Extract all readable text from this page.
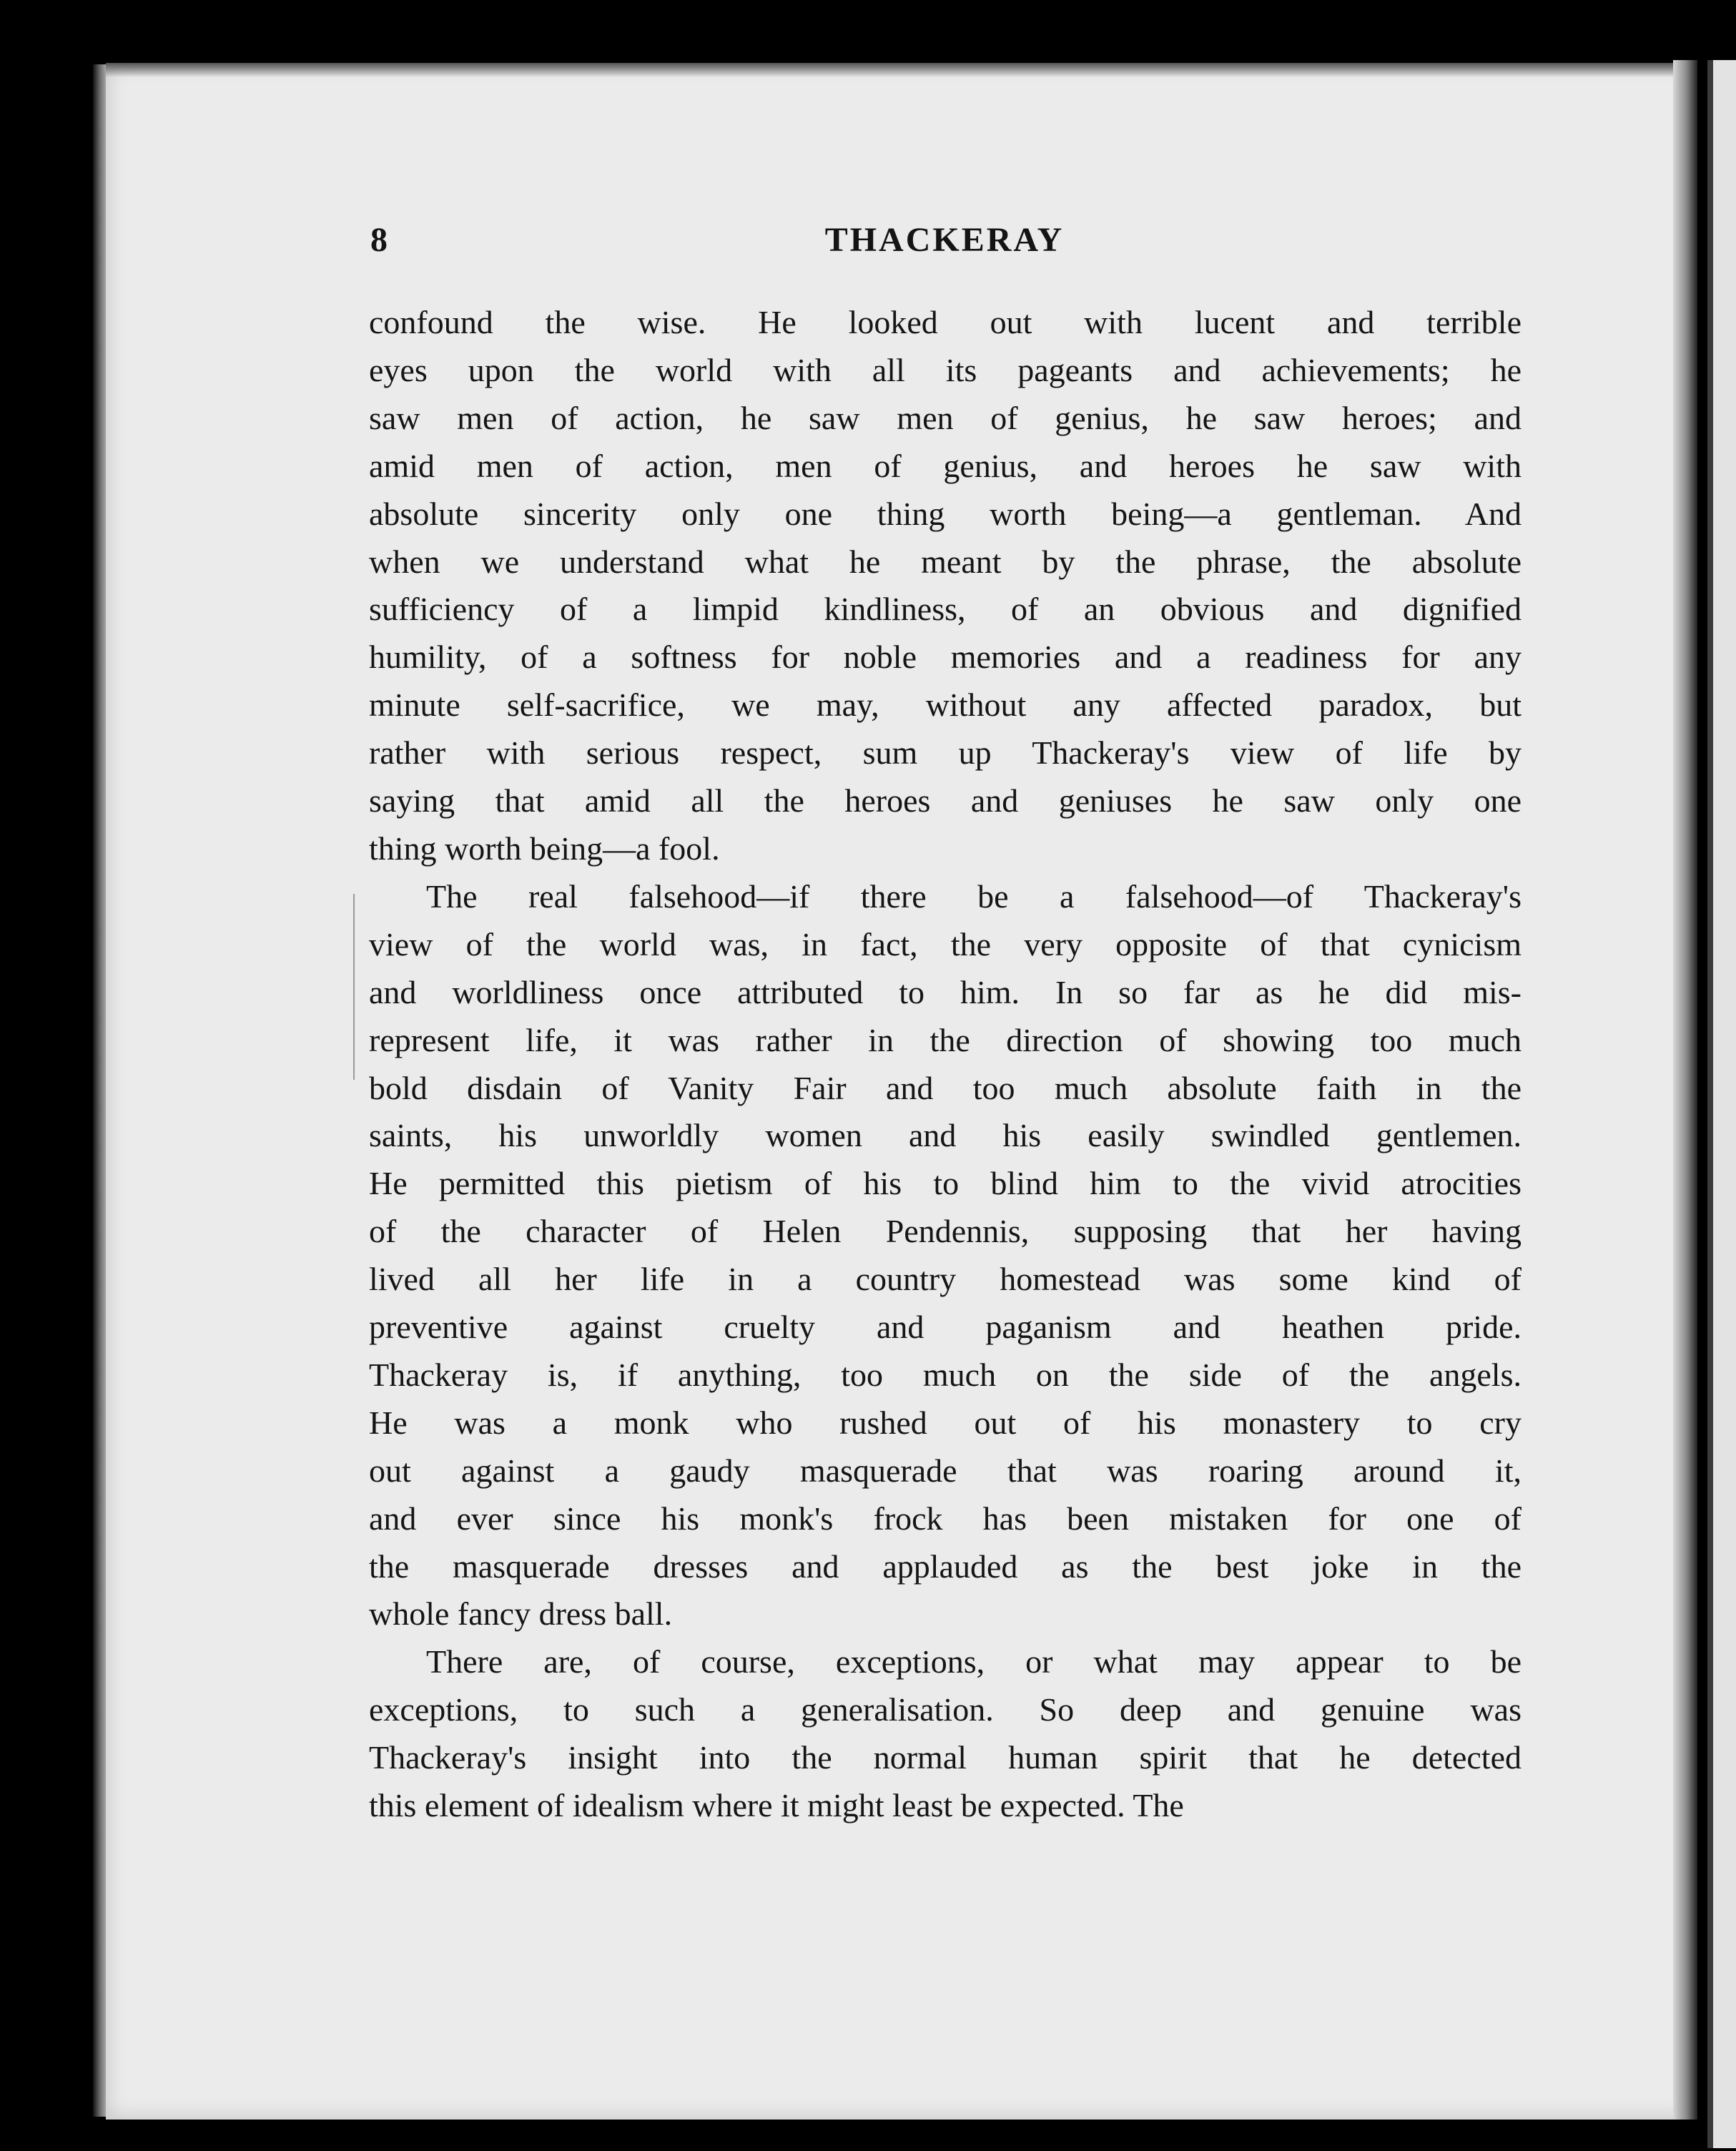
8	THACKERAY

confound the wise. He looked out with lucent and terrible
eyes upon the world with all its pageants and achievements; he
saw men of action, he saw men of genius, he saw heroes; and
amid men of action, men of genius, and heroes he saw with
absolute sincerity only one thing worth being—a gentleman. And
when we understand what he meant by the phrase, the absolute
sufficiency of a limpid kindliness, of an obvious and dignified
humility, of a softness for noble memories and a readiness for any
minute self-sacrifice, we may, without any affected paradox, but
rather with serious respect, sum up Thackeray's view of life by
saying that amid all the heroes and geniuses he saw only one
thing worth being—a fool.

The real falsehood—if there be a falsehood—of Thackeray's
view of the world was, in fact, the very opposite of that cynicism
and worldliness once attributed to him. In so far as he did mis-
represent life, it was rather in the direction of showing too much
bold disdain of Vanity Fair and too much absolute faith in the
saints, his unworldly women and his easily swindled gentlemen.
He permitted this pietism of his to blind him to the vivid atrocities
of the character of Helen Pendennis, supposing that her having
lived all her life in a country homestead was some kind of
preventive against cruelty and paganism and heathen pride.
Thackeray is, if anything, too much on the side of the angels.
He was a monk who rushed out of his monastery to cry
out against a gaudy masquerade that was roaring around it,
and ever since his monk's frock has been mistaken for one of
the masquerade dresses and applauded as the best joke in the
whole fancy dress ball.

There are, of course, exceptions, or what may appear to be
exceptions, to such a generalisation. So deep and genuine was
Thackeray's insight into the normal human spirit that he detected
this element of idealism where it might least be expected. The
